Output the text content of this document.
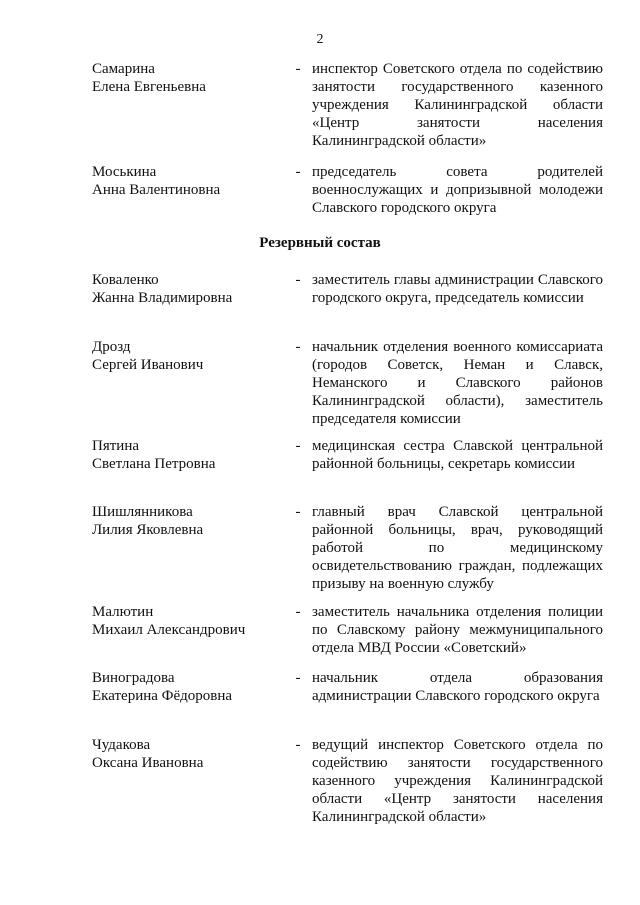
2
Самарина
Елена Евгеньевна
- инспектор Советского отдела по содействию занятости государственного казенного учреждения Калининградской области «Центр занятости населения Калининградской области»
Моськина
Анна Валентиновна
- председатель совета родителей военнослужащих и допризывной молодежи Славского городского округа
Резервный состав
Коваленко
Жанна Владимировна
- заместитель главы администрации Славского городского округа, председатель комиссии
Дрозд
Сергей Иванович
- начальник отделения военного комиссариата (городов Советск, Неман и Славск, Неманского и Славского районов Калининградской области), заместитель председателя комиссии
Пятина
Светлана Петровна
- медицинская сестра Славской центральной районной больницы, секретарь комиссии
Шишлянникова
Лилия Яковлевна
- главный врач Славской центральной районной больницы, врач, руководящий работой по медицинскому освидетельствованию граждан, подлежащих призыву на военную службу
Малютин
Михаил Александрович
- заместитель начальника отделения полиции по Славскому району межмуниципального отдела МВД России «Советский»
Виноградова
Екатерина Фёдоровна
- начальник отдела образования администрации Славского городского округа
Чудакова
Оксана Ивановна
- ведущий инспектор Советского отдела по содействию занятости государственного казенного учреждения Калининградской области «Центр занятости населения Калининградской области»
